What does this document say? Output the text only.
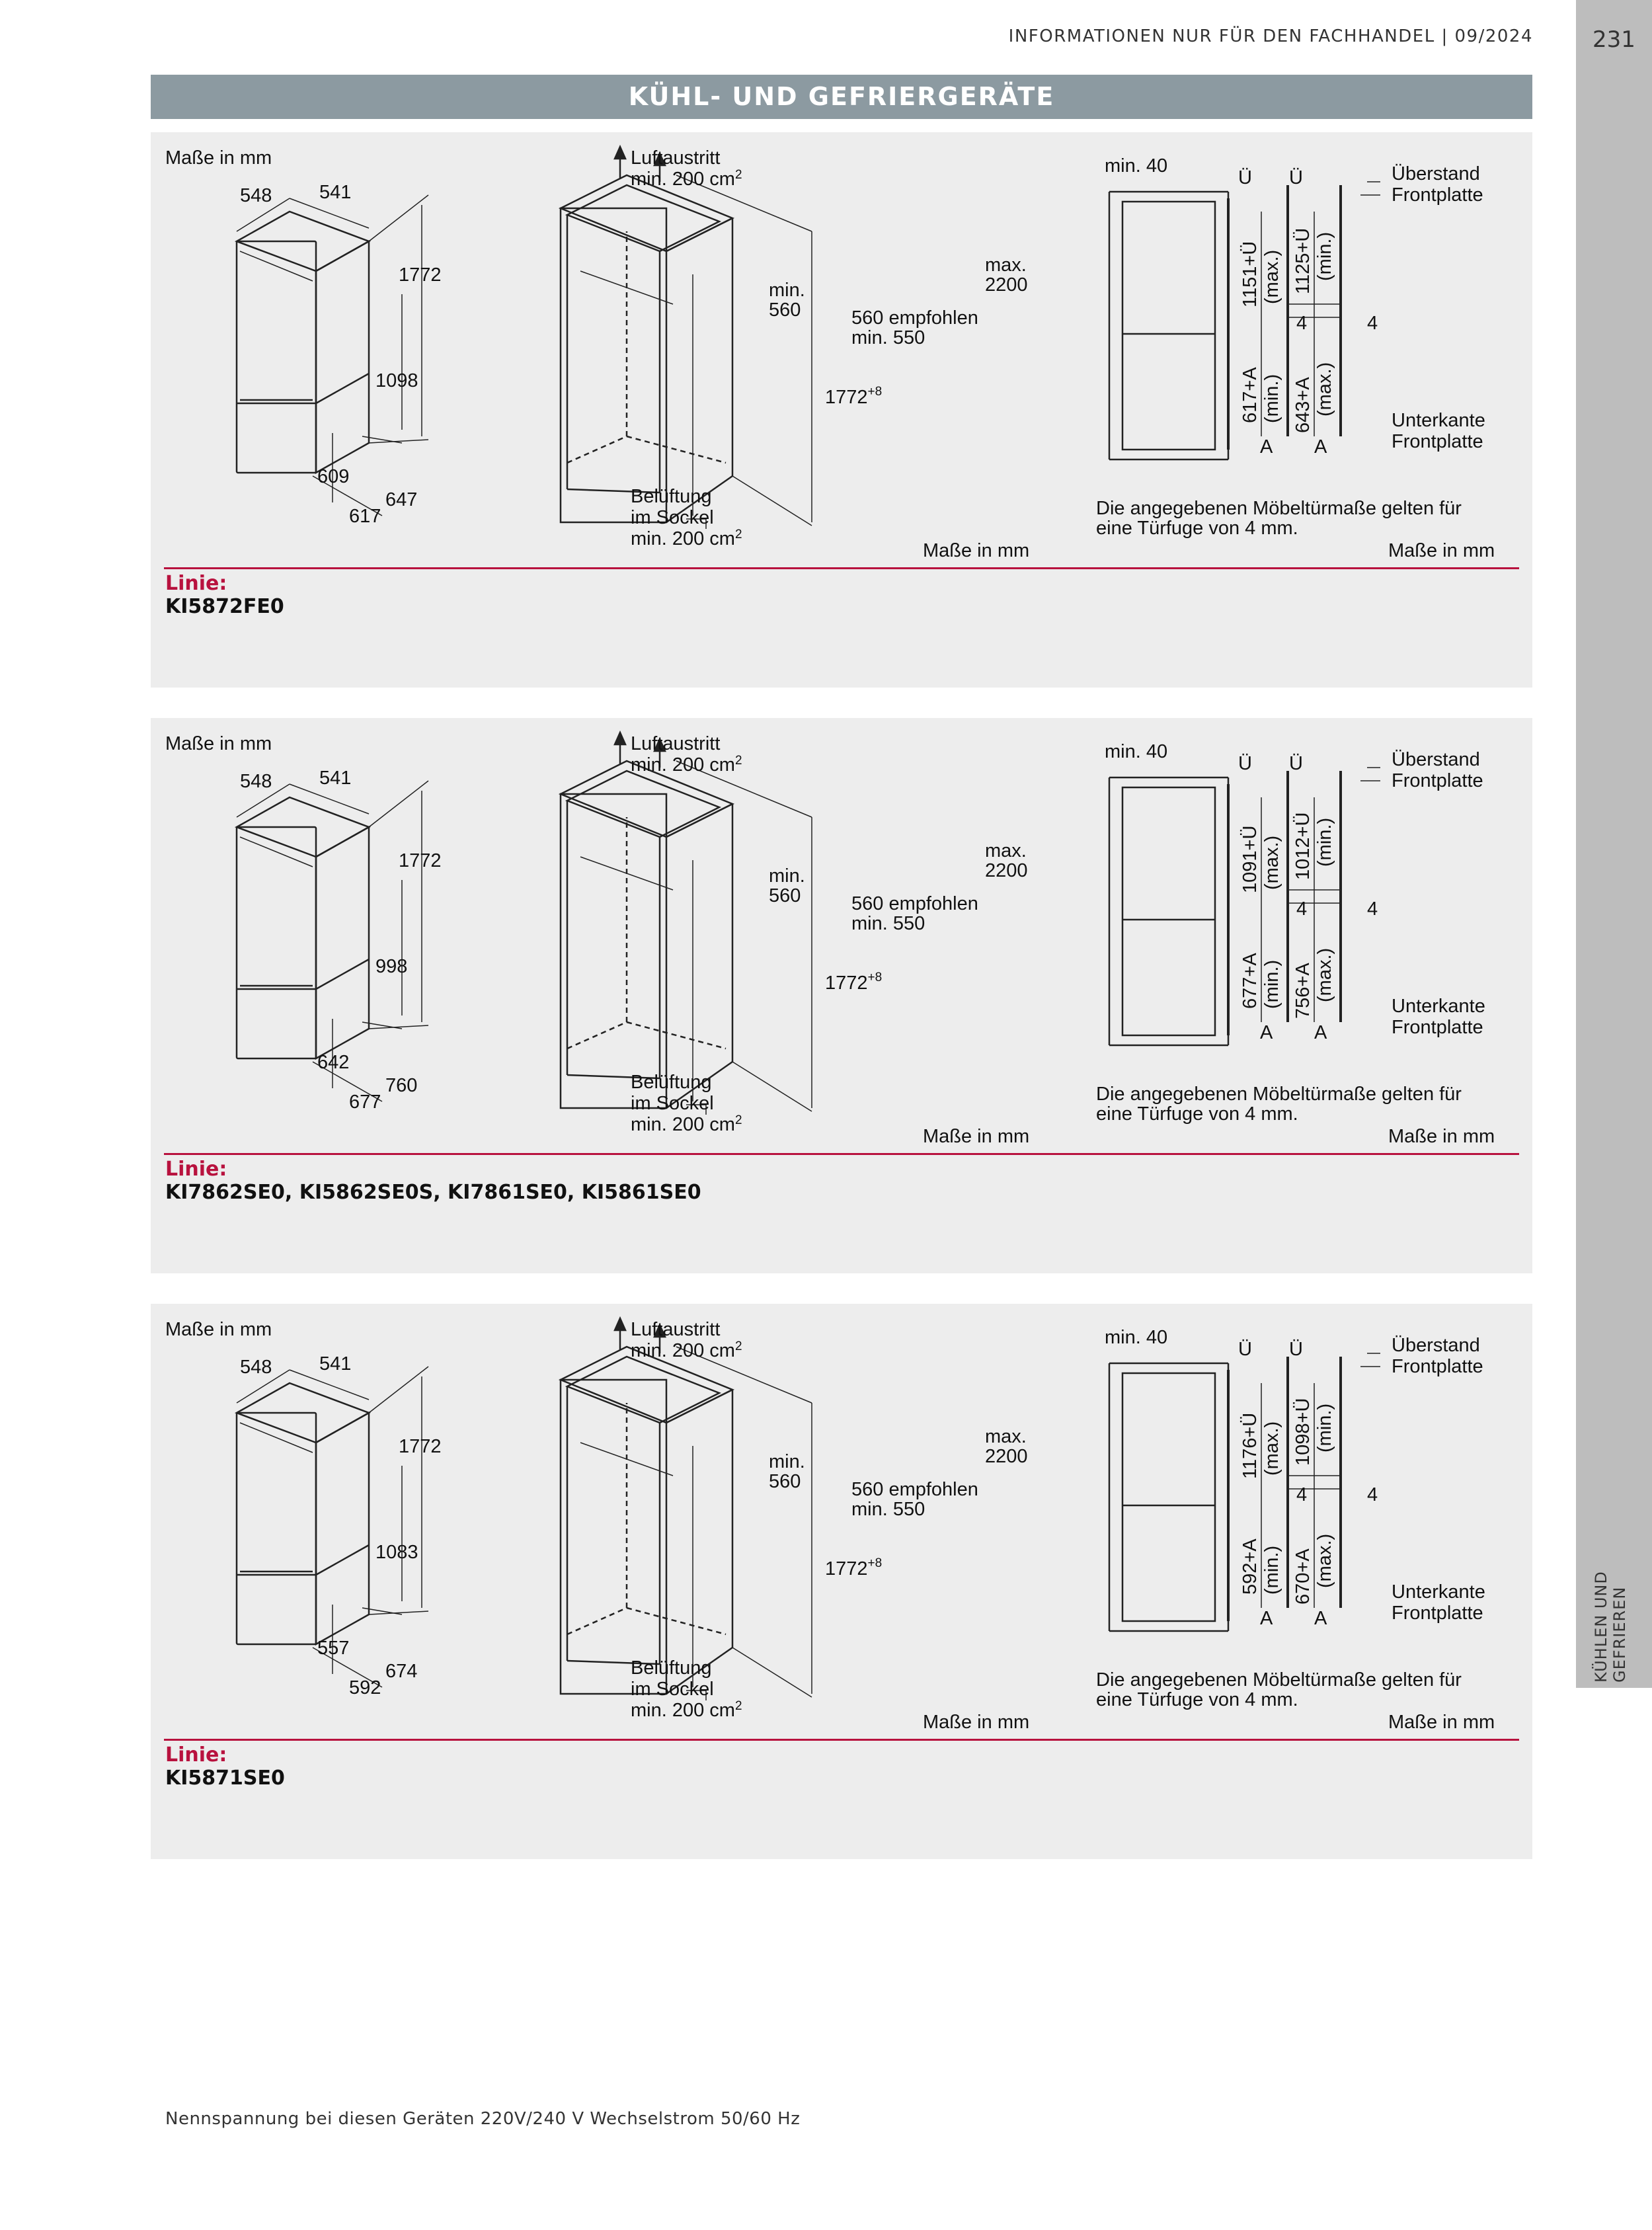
231
INFORMATIONEN NUR FÜR DEN FACHHANDEL | 09/2024
KÜHLEN UND GEFRIEREN
KÜHL- UND GEFRIERGERÄTE
Maße in mm
548 541
1772
1098
609
617
647
Luftaustritt
min. 200 $cm^2$
min.
560
max.
2200
560 empfohlen
min. 550
$1772^{+8}$
Belüftung
im Sockel
min. 200 $cm^2$
Maße in mm
min. 40
Ü Ü	Überstand
Frontplatte
1151+Ü (max.) 1125+Ü (min.)
617+A (min.) 643+A (max.)
4
4
A A
Unterkante
Frontplatte
Die angegebenen Möbeltürmaße gelten für
eine Türfuge von 4 mm.
Maße in mm
Linie:
KI5872FE0
Maße in mm
548 541
1772
998
642
677
760
Luftaustritt
min. 200 $cm^2$
min.
560
max.
2200
560 empfohlen
min. 550
$1772^{+8}$
Belüftung
im Sockel
min. 200 $cm^2$
Maße in mm
min. 40
Ü Ü	Überstand
Frontplatte
1091+Ü (max.) 1012+Ü (min.)
677+A (min.) 756+A (max.)
4
4
A A
Unterkante
Frontplatte
Die angegebenen Möbeltürmaße gelten für
eine Türfuge von 4 mm.
Maße in mm
Linie:
KI7862SE0, KI5862SE0S, KI7861SE0, KI5861SE0
Maße in mm
548 541
1772
1083
557
592
674
Luftaustritt
min. 200 $cm^2$
min.
560
max.
2200
560 empfohlen
min. 550
$1772^{+8}$
Belüftung
im Sockel
min. 200 $cm^2$
Maße in mm
min. 40
Ü Ü	Überstand
Frontplatte
1176+Ü (max.) 1098+Ü (min.)
592+A (min.) 670+A (max.)
4
4
A A
Unterkante
Frontplatte
Die angegebenen Möbeltürmaße gelten für
eine Türfuge von 4 mm.
Maße in mm
Linie:
KI5871SE0
Nennspannung bei diesen Geräten 220V/240 V Wechselstrom 50/60 Hz
